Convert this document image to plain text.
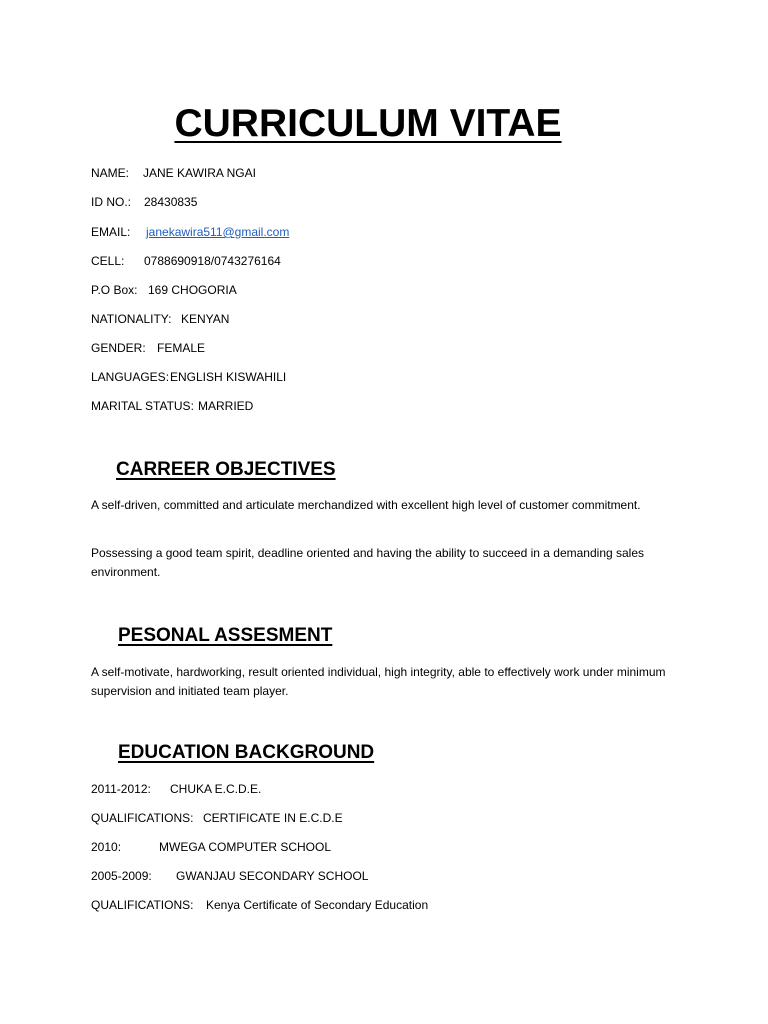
CURRICULUM VITAE
NAME: JANE KAWIRA NGAI
ID NO.: 28430835
EMAIL: janekawira511@gmail.com
CELL: 0788690918/0743276164
P.O Box: 169 CHOGORIA
NATIONALITY: KENYAN
GENDER: FEMALE
LANGUAGES:ENGLISH KISWAHILI
MARITAL STATUS: MARRIED
CARREER OBJECTIVES

A self-driven, committed and articulate merchandized with excellent high level of customer commitment.

Possessing a good team spirit, deadline oriented and having the ability to succeed in a demanding sales environment.

PESONAL ASSESMENT

A self-motivate, hardworking, result oriented individual, high integrity, able to effectively work under minimum supervision and initiated team player.

EDUCATION BACKGROUND
2011-2012: CHUKA E.C.D.E.
QUALIFICATIONS: CERTIFICATE IN E.C.D.E
2010:	MWEGA COMPUTER SCHOOL
2005-2009: GWANJAU SECONDARY SCHOOL
QUALIFICATIONS: Kenya Certificate of Secondary Education
